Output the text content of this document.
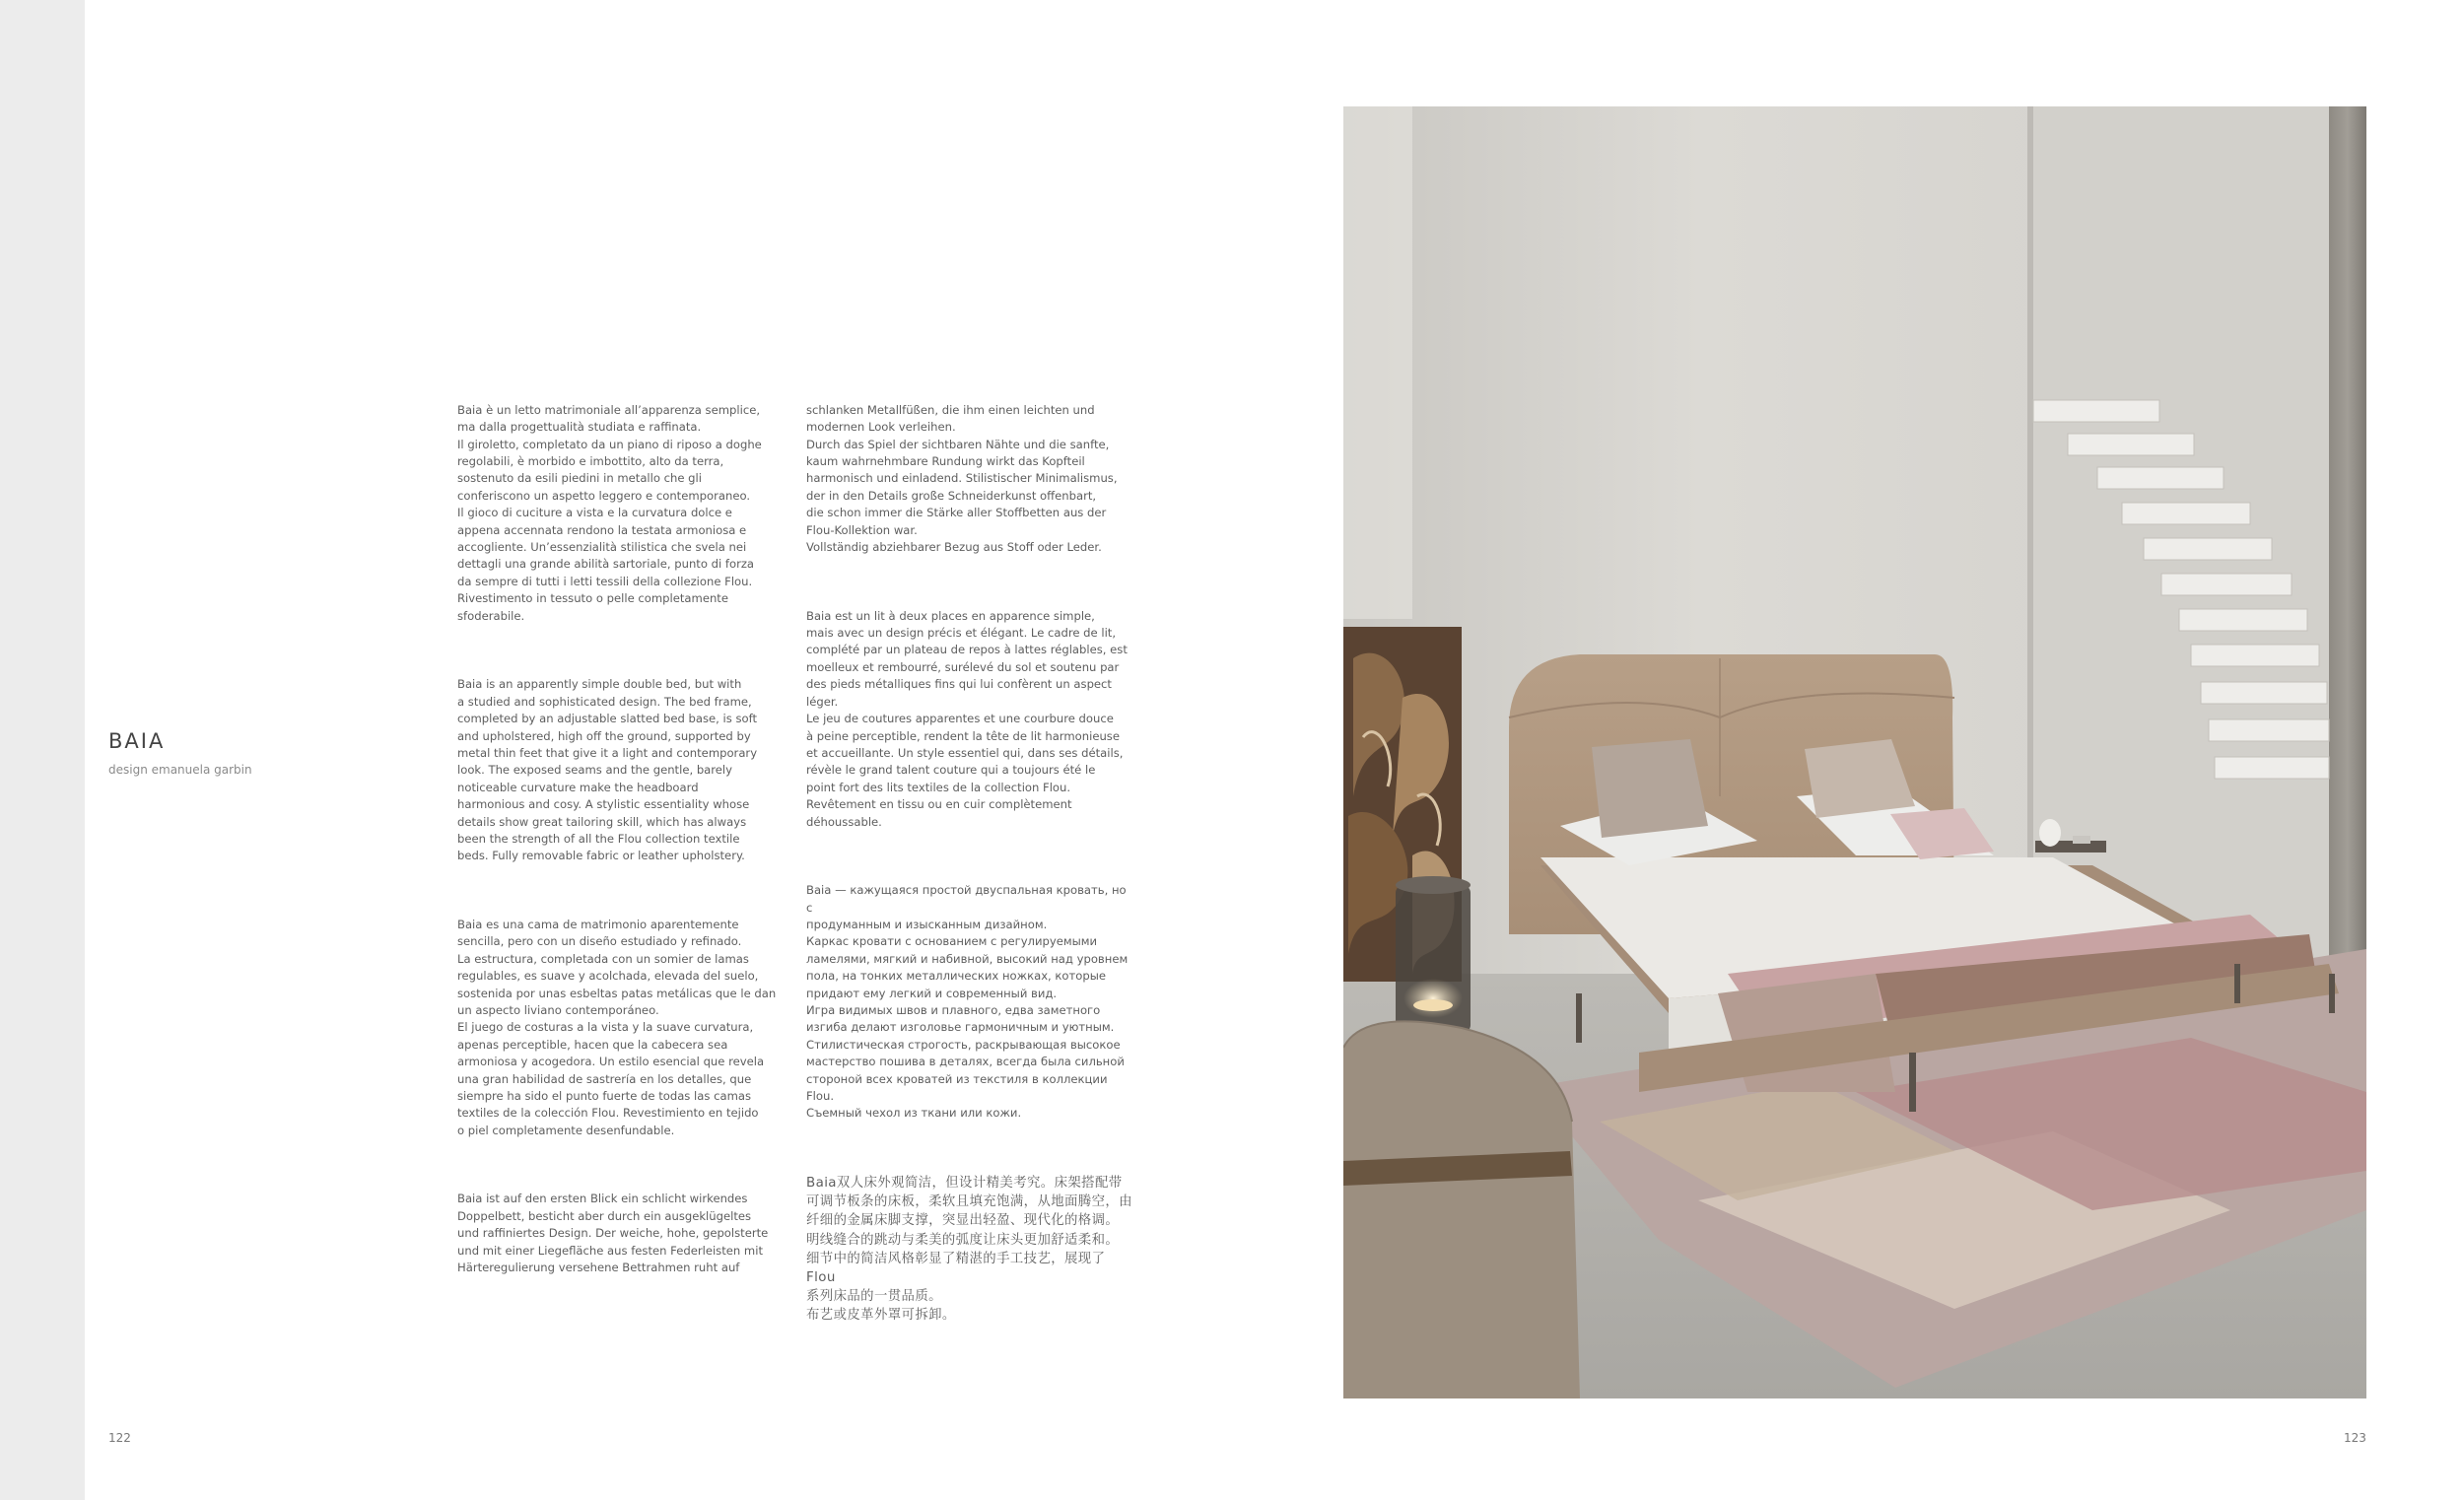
BAIA
design emanuela garbin

Baia è un letto matrimoniale all’apparenza semplice,
ma dalla progettualità studiata e raffinata.
Il giroletto, completato da un piano di riposo a doghe
regolabili, è morbido e imbottito, alto da terra,
sostenuto da esili piedini in metallo che gli
conferiscono un aspetto leggero e contemporaneo.
Il gioco di cuciture a vista e la curvatura dolce e
appena accennata rendono la testata armoniosa e
accogliente. Un’essenzialità stilistica che svela nei
dettagli una grande abilità sartoriale, punto di forza
da sempre di tutti i letti tessili della collezione Flou.
Rivestimento in tessuto o pelle completamente
sfoderabile.

Baia is an apparently simple double bed, but with
a studied and sophisticated design. The bed frame,
completed by an adjustable slatted bed base, is soft
and upholstered, high off the ground, supported by
metal thin feet that give it a light and contemporary
look. The exposed seams and the gentle, barely
noticeable curvature make the headboard
harmonious and cosy. A stylistic essentiality whose
details show great tailoring skill, which has always
been the strength of all the Flou collection textile
beds. Fully removable fabric or leather upholstery.

Baia es una cama de matrimonio aparentemente
sencilla, pero con un diseño estudiado y refinado.
La estructura, completada con un somier de lamas
regulables, es suave y acolchada, elevada del suelo,
sostenida por unas esbeltas patas metálicas que le dan
un aspecto liviano contemporáneo.
El juego de costuras a la vista y la suave curvatura,
apenas perceptible, hacen que la cabecera sea
armoniosa y acogedora. Un estilo esencial que revela
una gran habilidad de sastrería en los detalles, que
siempre ha sido el punto fuerte de todas las camas
textiles de la colección Flou. Revestimiento en tejido
o piel completamente desenfundable.

Baia ist auf den ersten Blick ein schlicht wirkendes
Doppelbett, besticht aber durch ein ausgeklügeltes
und raffiniertes Design. Der weiche, hohe, gepolsterte
und mit einer Liegefläche aus festen Federleisten mit
Härteregulierung versehene Bettrahmen ruht auf

schlanken Metallfüßen, die ihm einen leichten und
modernen Look verleihen.
Durch das Spiel der sichtbaren Nähte und die sanfte,
kaum wahrnehmbare Rundung wirkt das Kopfteil
harmonisch und einladend. Stilistischer Minimalismus,
der in den Details große Schneiderkunst offenbart,
die schon immer die Stärke aller Stoffbetten aus der
Flou-Kollektion war.
Vollständig abziehbarer Bezug aus Stoff oder Leder.

Baia est un lit à deux places en apparence simple,
mais avec un design précis et élégant. Le cadre de lit,
complété par un plateau de repos à lattes réglables, est
moelleux et rembourré, surélevé du sol et soutenu par
des pieds métalliques fins qui lui confèrent un aspect
léger.
Le jeu de coutures apparentes et une courbure douce
à peine perceptible, rendent la tête de lit harmonieuse
et accueillante. Un style essentiel qui, dans ses détails,
révèle le grand talent couture qui a toujours été le
point fort des lits textiles de la collection Flou.
Revêtement en tissu ou en cuir complètement
déhoussable.

Baia — кажущаяся простой двуспальная кровать, но с
продуманным и изысканным дизайном.
Каркас кровати с основанием с регулируемыми
ламелями, мягкий и набивной, высокий над уровнем
пола, на тонких металлических ножках, которые
придают ему легкий и современный вид.
Игра видимых швов и плавного, едва заметного
изгиба делают изголовье гармоничным и уютным.
Стилистическая строгость, раскрывающая высокое
мастерство пошива в деталях, всегда была сильной
стороной всех кроватей из текстиля в коллекции Flou.
Съемный чехол из ткани или кожи.

Baia双人床外观简洁，但设计精美考究。床架搭配带
可调节板条的床板，柔软且填充饱满，从地面腾空，由
纤细的金属床脚支撑，突显出轻盈、现代化的格调。
明线缝合的跳动与柔美的弧度让床头更加舒适柔和。
细节中的简洁风格彰显了精湛的手工技艺，展现了Flou
系列床品的一贯品质。
布艺或皮革外罩可拆卸。

122	123
